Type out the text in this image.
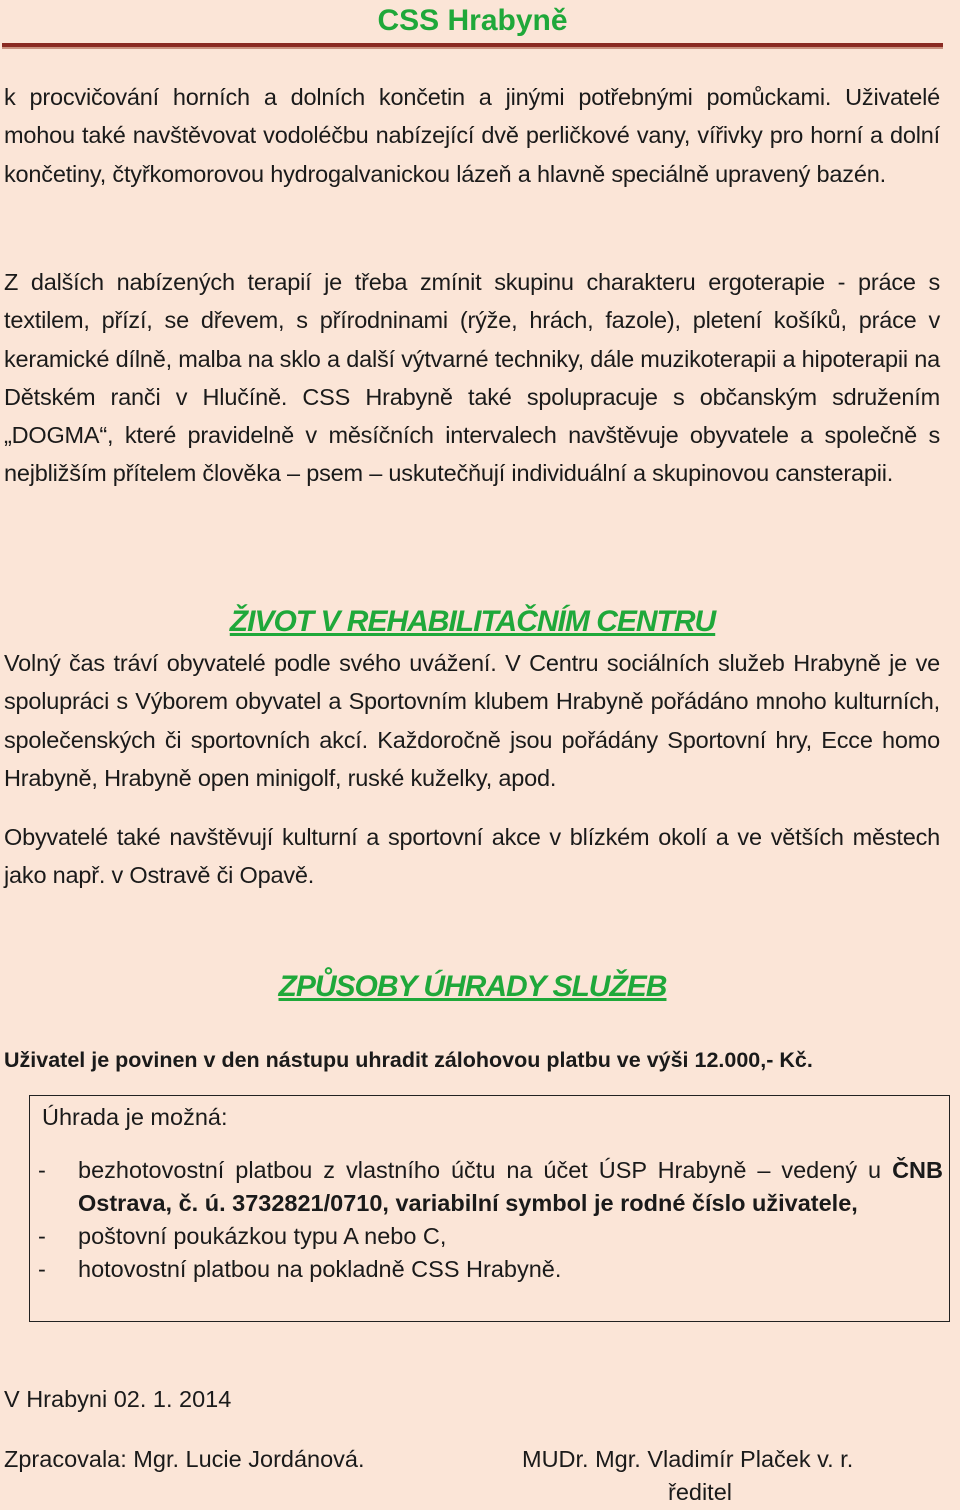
CSS Hrabyně

k procvičování horních a dolních končetin a jinými potřebnými pomůckami. Uživatelé mohou také navštěvovat vodoléčbu nabízející dvě perličkové vany, vířivky pro horní a dolní končetiny, čtyřkomorovou hydrogalvanickou lázeň a hlavně speciálně upravený bazén.

Z dalších nabízených terapií je třeba zmínit skupinu charakteru ergoterapie - práce s textilem, přízí, se dřevem, s přírodninami (rýže, hrách, fazole), pletení košíků, práce v keramické dílně, malba na sklo a další výtvarné techniky, dále muzikoterapii a hipoterapii na Dětském ranči v Hlučíně. CSS Hrabyně také spolupracuje s občanským sdružením „DOGMA“, které pravidelně v měsíčních intervalech navštěvuje obyvatele a společně s nejbližším přítelem člověka – psem – uskutečňují individuální a skupinovou cansterapii.

ŽIVOT V REHABILITAČNÍM CENTRU

Volný čas tráví obyvatelé podle svého uvážení. V Centru sociálních služeb Hrabyně je ve spolupráci s Výborem obyvatel a Sportovním klubem Hrabyně pořádáno mnoho kulturních, společenských či sportovních akcí. Každoročně jsou pořádány Sportovní hry, Ecce homo Hrabyně, Hrabyně open minigolf, ruské kuželky, apod.

Obyvatelé také navštěvují kulturní a sportovní akce v blízkém okolí a ve větších městech jako např. v Ostravě či Opavě.

ZPŮSOBY ÚHRADY SLUŽEB
Uživatel je povinen v den nástupu uhradit zálohovou platbu ve výši 12.000,- Kč.
Úhrada je možná:
-	bezhotovostní platbou z vlastního účtu na účet ÚSP Hrabyně – vedený u ČNB Ostrava, č. ú. 3732821/0710, variabilní symbol je rodné číslo uživatele,
-	poštovní poukázkou typu A nebo C,
-	hotovostní platbou na pokladně CSS Hrabyně.
V Hrabyni 02. 1. 2014
Zpracovala: Mgr. Lucie Jordánová.	MUDr. Mgr. Vladimír Plaček v. r.
ředitel
